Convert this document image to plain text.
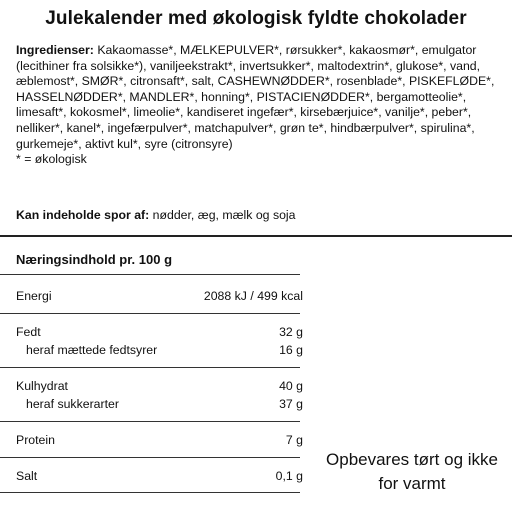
Julekalender med økologisk fyldte chokolader
Ingredienser: Kakaomasse*, MÆLKEPULVER*, rørsukker*, kakaosmør*, emulgator (lecithiner fra solsikke*), vaniljeekstrakt*, invertsukker*, maltodextrin*, glukose*, vand, æblemost*, SMØR*, citronsaft*, salt, CASHEWNØDDER*, rosenblade*, PISKEFLØDE*, HASSELNØDDER*, MANDLER*, honning*, PISTACIENØDDER*, bergamotteolie*, limesaft*, kokosmel*, limeolie*, kandiseret ingefær*, kirsebærjuice*, vanilje*, peber*, nelliker*, kanel*, ingefærpulver*, matchapulver*, grøn te*, hindbærpulver*, spirulina*, gurkemeje*, aktivt kul*, syre (citronsyre)
* = økologisk
Kan indeholde spor af: nødder, æg, mælk og soja
Næringsindhold pr. 100 g
Energi	2088 kJ / 499 kcal
Fedt	32 g
heraf mættede fedtsyrer	16 g
Kulhydrat	40 g
heraf sukkerarter	37 g
Protein	7 g
Salt	0,1 g
Opbevares tørt og ikke for varmt
